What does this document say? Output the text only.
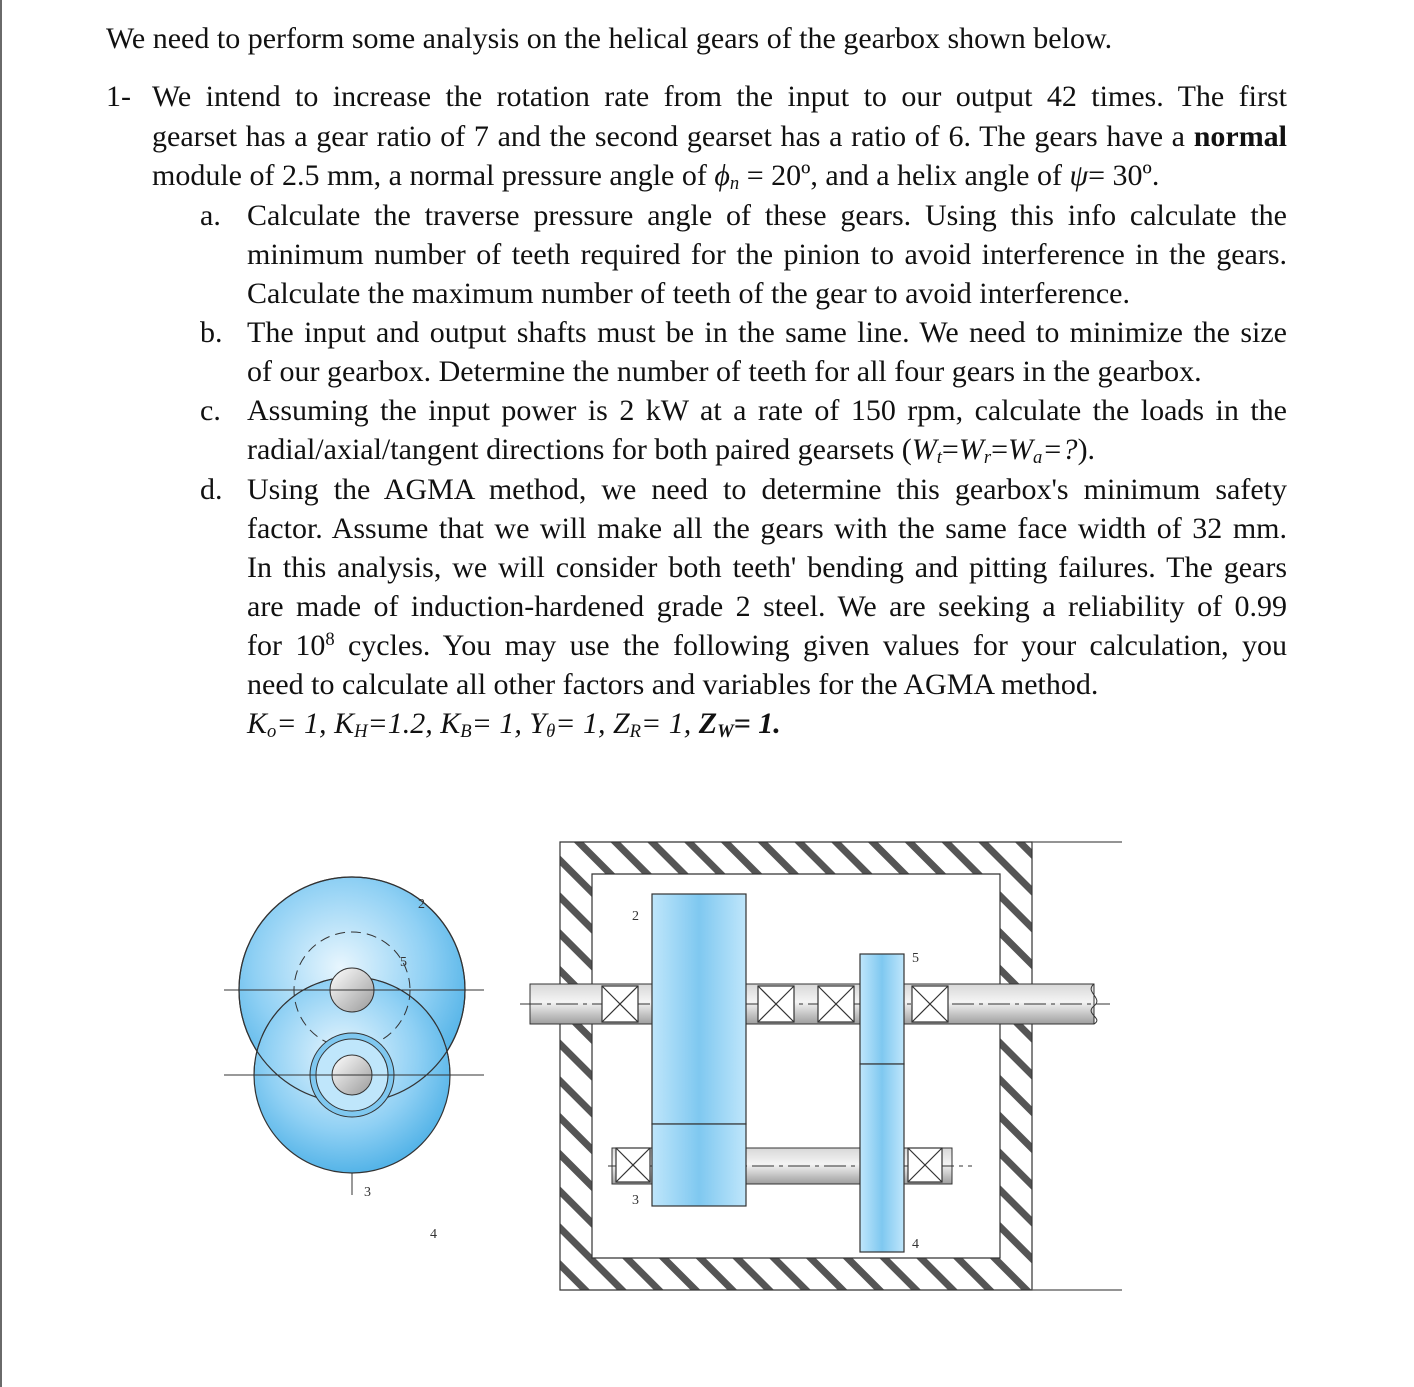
We need to perform some analysis on the helical gears of the gearbox shown below.
1- We intend to increase the rotation rate from the input to our output 42 times. The first
gearset has a gear ratio of 7 and the second gearset has a ratio of 6. The gears have a normal
module of 2.5 mm, a normal pressure angle of $\phi_n$ = 20º, and a helix angle of ψ= 30º.
a. Calculate the traverse pressure angle of these gears. Using this info calculate the
minimum number of teeth required for the pinion to avoid interference in the gears.
Calculate the maximum number of teeth of the gear to avoid interference.
b. The input and output shafts must be in the same line. We need to minimize the size
of our gearbox. Determine the number of teeth for all four gears in the gearbox.
c. Assuming the input power is 2 kW at a rate of 150 rpm, calculate the loads in the
radial/axial/tangent directions for both paired gearsets $(W_t=W_r=W_a=?)$.
d. Using the AGMA method, we need to determine this gearbox's minimum safety
factor. Assume that we will make all the gears with the same face width of 32 mm.
In this analysis, we will consider both teeth' bending and pitting failures. The gears
are made of induction-hardened grade 2 steel. We are seeking a reliability of 0.99
for $10^8$ cycles. You may use the following given values for your calculation, you
need to calculate all other factors and variables for the AGMA method.
$K_o= 1$, $K_H=1.2$, $K_B= 1$, $Y_\theta= 1$, $Z_R= 1$, $Z_W= 1$.
2
5
3
4
2
5
3
4
